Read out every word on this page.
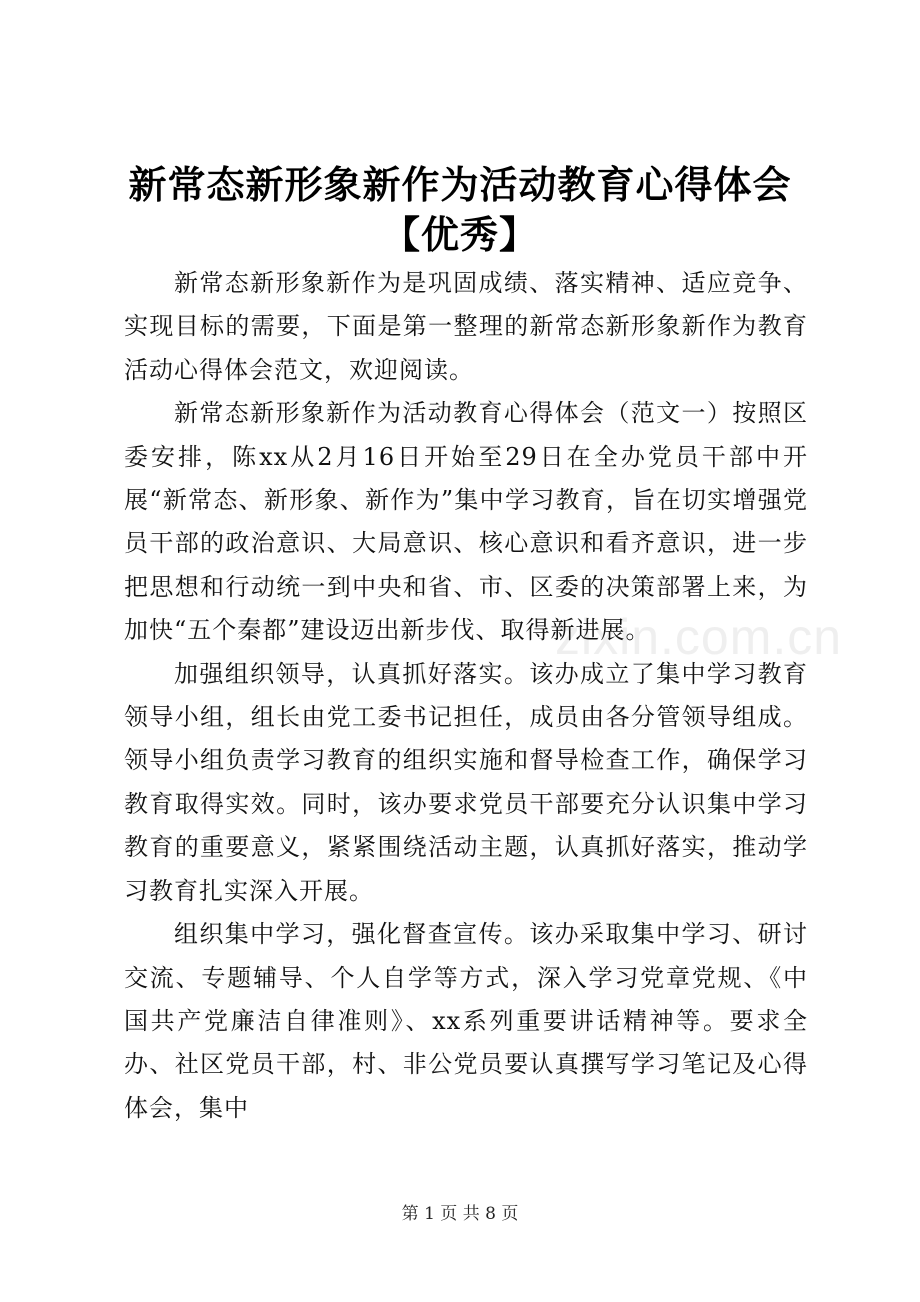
新常态新形象新作为活动教育心得体会【优秀】

新常态新形象新作为是巩固成绩、落实精神、适应竞争、实现目标的需要，下面是第一整理的新常态新形象新作为教育活动心得体会范文，欢迎阅读。

新常态新形象新作为活动教育心得体会（范文一）按照区委安排，陈xx从2月16日开始至29日在全办党员干部中开展“新常态、新形象、新作为”集中学习教育，旨在切实增强党员干部的政治意识、大局意识、核心意识和看齐意识，进一步把思想和行动统一到中央和省、市、区委的决策部署上来，为加快“五个秦都”建设迈出新步伐、取得新进展。

加强组织领导，认真抓好落实。该办成立了集中学习教育领导小组，组长由党工委书记担任，成员由各分管领导组成。领导小组负责学习教育的组织实施和督导检查工作，确保学习教育取得实效。同时，该办要求党员干部要充分认识集中学习教育的重要意义，紧紧围绕活动主题，认真抓好落实，推动学习教育扎实深入开展。

组织集中学习，强化督查宣传。该办采取集中学习、研讨交流、专题辅导、个人自学等方式，深入学习党章党规、《中国共产党廉洁自律准则》、xx系列重要讲话精神等。要求全办、社区党员干部，村、非公党员要认真撰写学习笔记及心得体会，集中

zixin.com.cn
第 1 页 共 8 页
